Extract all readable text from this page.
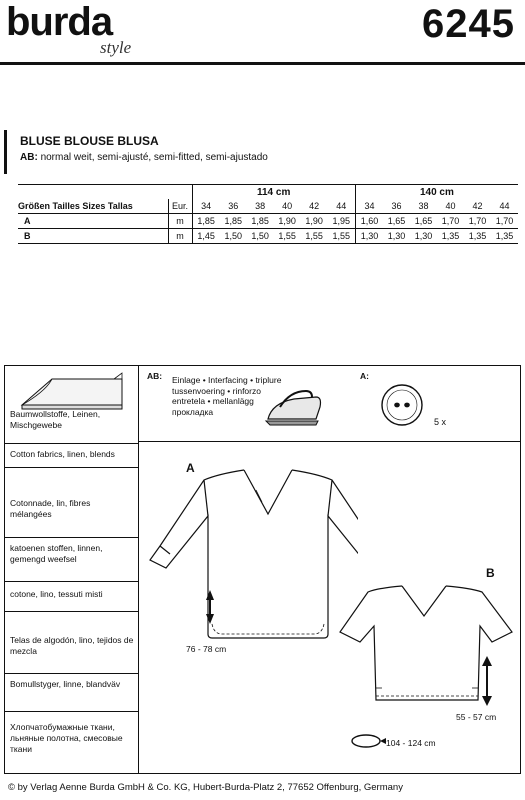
burda
style
6245
BLUSE BLOUSE BLUSA
AB: normal weit, semi-ajusté, semi-fitted, semi-ajustado
		114 cm						140 cm					
Größen Tailles Sizes Tallas	Eur.	34	36	38	40	42	44	34	36	38	40	42	44
A	m	1,85	1,85	1,85	1,90	1,90	1,95	1,60	1,65	1,65	1,70	1,70	1,70
B	m	1,45	1,50	1,50	1,55	1,55	1,55	1,30	1,30	1,30	1,35	1,35	1,35
Baumwollstoffe, Leinen, Mischgewebe
Cotton fabrics, linen, blends
Cotonnade, lin, fibres mélangées
katoenen stoffen, linnen, gemengd weefsel
cotone, lino, tessuti misti
Telas de algodón, lino, tejidos de mezcla
Bomullstyger, linne, blandväv
Хлопчатобумажные ткани, льняные полотна, смесовые ткани
AB: Einlage • Interfacing • triplure
tussenvoering • rinforzo
entretela • mellanlägg
прокладка
A:
5 x
A
76 - 78 cm
B
55 - 57 cm
104 - 124 cm
© by Verlag Aenne Burda GmbH & Co. KG, Hubert-Burda-Platz 2, 77652 Offenburg, Germany
